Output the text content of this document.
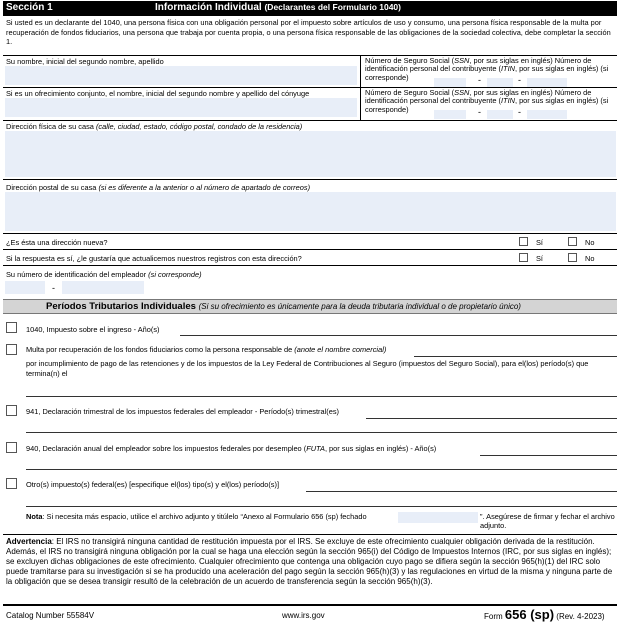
Sección 1	Información Individual (Declarantes del Formulario 1040)
Si usted es un declarante del 1040, una persona física con una obligación personal por el impuesto sobre artículos de uso y consumo, una persona física responsable de la multa por recuperación de fondos fiduciarios, una persona que trabaja por cuenta propia, o una persona física responsable de las obligaciones de la sociedad colectiva, debe completar la sección 1.
Su nombre, inicial del segundo nombre, apellido	Número de Seguro Social (SSN, por sus siglas en inglés) Número de identificación personal del contribuyente (ITIN, por sus siglas en inglés) (si corresponde)	-	-
Si es un ofrecimiento conjunto, el nombre, inicial del segundo nombre y apellido del cónyuge	Número de Seguro Social (SSN, por sus siglas en inglés) Número de identificación personal del contribuyente (ITIN, por sus siglas en inglés) (si corresponde)	-	-
Dirección física de su casa (calle, ciudad, estado, código postal, condado de la residencia)
Dirección postal de su casa (si es diferente a la anterior o al número de apartado de correos)
¿Es ésta una dirección nueva?	Sí	No
Si la respuesta es sí, ¿le gustaría que actualicemos nuestros registros con esta dirección?	Sí	No
Su número de identificación del empleador (si corresponde)
-
Períodos Tributarios Individuales (Si su ofrecimiento es únicamente para la deuda tributaria individual o de propietario único)
1040, Impuesto sobre el ingreso - Año(s)
Multa por recuperación de los fondos fiduciarios como la persona responsable de (anote el nombre comercial)
por incumplimiento de pago de las retenciones y de los impuestos de la Ley Federal de Contribuciones al Seguro (impuestos del Seguro Social), para el(los) período(s) que termina(n) el
941, Declaración trimestral de los impuestos federales del empleador - Período(s) trimestral(es)
940, Declaración anual del empleador sobre los impuestos federales por desempleo (FUTA, por sus siglas en inglés) - Año(s)
Otro(s) impuesto(s) federal(es) [especifique el(los) tipo(s) y el(los) período(s)]
Nota: Si necesita más espacio, utilice el archivo adjunto y titúlelo “Anexo al Formulario 656 (sp) fechado	”. Asegúrese de firmar y fechar el archivo adjunto.
Advertencia: El IRS no transigirá ninguna cantidad de restitución impuesta por el IRS. Se excluye de este ofrecimiento cualquier obligación derivada de la restitución. Además, el IRS no transigirá ninguna obligación por la cual se haga una elección según la sección 965(i) del Código de Impuestos Internos (IRC, por sus siglas en inglés); se excluyen dichas obligaciones de este ofrecimiento. Cualquier ofrecimiento que contenga una obligación cuyo pago se difiera según la sección 965(h)(1) del IRC solo puede tramitarse para su investigación si se ha producido una aceleración del pago según la sección 965(h)(3) y las regulaciones en virtud de la misma y ninguna parte de la obligación que se desea transigir resultó de la celebración de un acuerdo de transferencia según la sección 965(h)(3).
Catalog Number 55584V	www.irs.gov	Form 656 (sp) (Rev. 4-2023)
